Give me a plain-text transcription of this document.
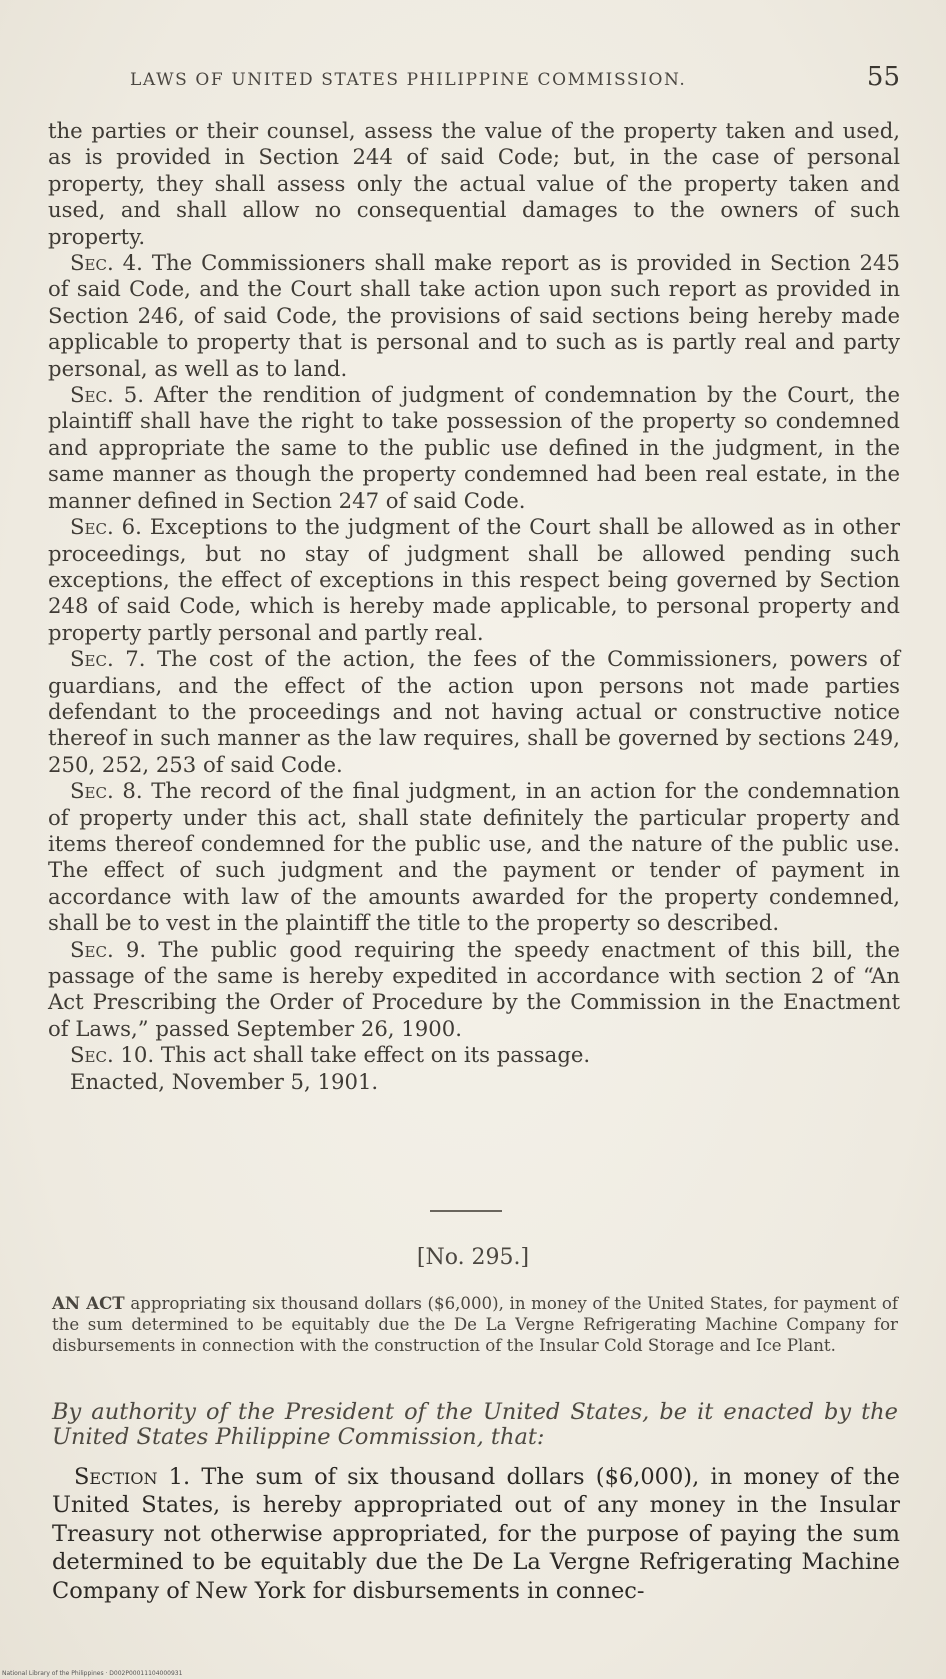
LAWS OF UNITED STATES PHILIPPINE COMMISSION.	55

the parties or their counsel, assess the value of the property taken and used, as is provided in Section 244 of said Code; but, in the case of personal property, they shall assess only the actual value of the property taken and used, and shall allow no consequential damages to the owners of such property.

Sec. 4. The Commissioners shall make report as is provided in Section 245 of said Code, and the Court shall take action upon such report as provided in Section 246, of said Code, the provisions of said sections being hereby made applicable to property that is personal and to such as is partly real and party personal, as well as to land.

Sec. 5. After the rendition of judgment of condemnation by the Court, the plaintiff shall have the right to take possession of the property so condemned and appropriate the same to the public use defined in the judgment, in the same manner as though the property condemned had been real estate, in the manner defined in Section 247 of said Code.

Sec. 6. Exceptions to the judgment of the Court shall be allowed as in other proceedings, but no stay of judgment shall be allowed pending such exceptions, the effect of exceptions in this respect being governed by Section 248 of said Code, which is hereby made applicable, to personal property and property partly personal and partly real.

Sec. 7. The cost of the action, the fees of the Commissioners, powers of guardians, and the effect of the action upon persons not made parties defendant to the proceedings and not having actual or constructive notice thereof in such manner as the law requires, shall be governed by sections 249, 250, 252, 253 of said Code.

Sec. 8. The record of the final judgment, in an action for the condemnation of property under this act, shall state definitely the particular property and items thereof condemned for the public use, and the nature of the public use. The effect of such judgment and the payment or tender of payment in accordance with law of the amounts awarded for the property condemned, shall be to vest in the plaintiff the title to the property so described.

Sec. 9. The public good requiring the speedy enactment of this bill, the passage of the same is hereby expedited in accordance with section 2 of “An Act Prescribing the Order of Procedure by the Commission in the Enactment of Laws,” passed September 26, 1900.

Sec. 10. This act shall take effect on its passage.

Enacted, November 5, 1901.

[No. 295.]
AN ACT appropriating six thousand dollars ($6,000), in money of the United States, for payment of the sum determined to be equitably due the De La Vergne Refrigerating Machine Company for disbursements in connection with the construction of the Insular Cold Storage and Ice Plant.
By authority of the President of the United States, be it enacted by the United States Philippine Commission, that:
Section 1. The sum of six thousand dollars ($6,000), in money of the United States, is hereby appropriated out of any money in the Insular Treasury not otherwise appropriated, for the purpose of paying the sum determined to be equitably due the De La Vergne Refrigerating Machine Company of New York for disbursements in connec-
National Library of the Philippines · D002P00011104000931
